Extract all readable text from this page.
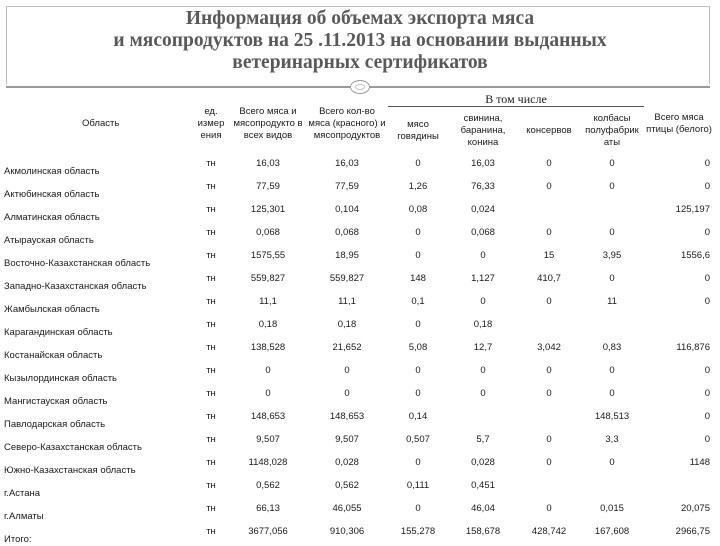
Информация об объемах экспорта мяса
и мясопродуктов на 25 .11.2013 на основании выданных
ветеринарных сертификатов
Область	ед. измер ения	Всего мяса и мясопродукто в всех видов	Всего кол-во мяса (красного) и мясопродуктов	В том числе				Всего мяса птицы (белого)
				мясо говядины	свинина, баранина, конина	консервов	колбасы полуфабрик аты	
Акмолинская область	тн	16,03	16,03	0	16,03	0	0	0
Актюбинская область	тн	77,59	77,59	1,26	76,33	0	0	0
Алматинская область	тн	125,301	0,104	0,08	0,024			125,197
Атырауская область	тн	0,068	0,068	0	0,068	0	0	0
Восточно-Казахстанская область	тн	1575,55	18,95	0	0	15	3,95	1556,6
Западно-Казахстанская область	тн	559,827	559,827	148	1,127	410,7	0	0
Жамбылская область	тн	11,1	11,1	0,1	0	0	11	0
Карагандинская область	тн	0,18	0,18	0	0,18			
Костанайская область	тн	138,528	21,652	5,08	12,7	3,042	0,83	116,876
Кызылординская область	тн	0	0	0	0	0	0	0
Мангистауская область	тн	0	0	0	0	0	0	0
Павлодарская область	тн	148,653	148,653	0,14			148,513	0
Северо-Казахстанская область	тн	9,507	9,507	0,507	5,7	0	3,3	0
Южно-Казахстанская область	тн	1148,028	0,028	0	0,028	0	0	1148
г.Астана	тн	0,562	0,562	0,111	0,451			
г.Алматы	тн	66,13	46,055	0	46,04	0	0,015	20,075
Итого:	тн	3677,056	910,306	155,278	158,678	428,742	167,608	2966,75
